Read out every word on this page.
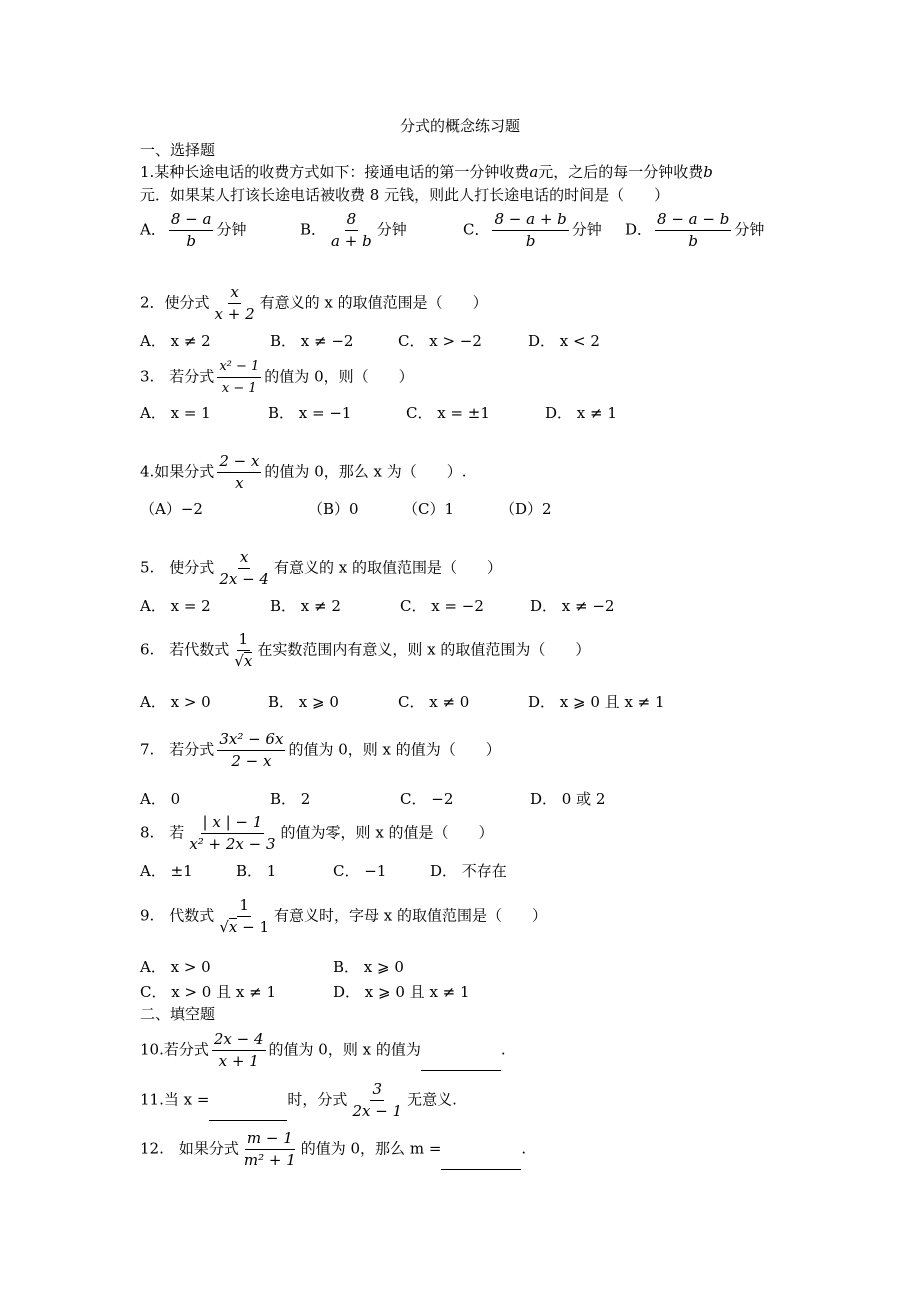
分式的概念练习题
一、选择题
1.某种长途电话的收费方式如下：接通电话的第一分钟收费a元，之后的每一分钟收费b
元．如果某人打该长途电话被收费 8 元钱，则此人打长途电话的时间是（　　）
A． $\frac{8 - a}{b}$ 分钟	B． $\frac{8}{a + b}$ 分钟	C． $\frac{8 - a + b}{b}$ 分钟 D． $\frac{8 - a - b}{b}$ 分钟
2．使分式 $\frac{x}{x + 2}$ 有意义的 x 的取值范围是（　　）
A． x ≠ 2	B． x ≠ −2	C． x > −2	D． x < 2
3.　若分式 $\frac{\text{x² − 1}}{x - 1}$ 的值为 0，则（　　）
A． x = 1	B． x = −1	C． x = ±1	D． x ≠ 1
4.如果分式 $\frac{2 - x}{x}$ 的值为 0，那么 x 为（　　）.
（A）−2	（B）0	（C）1	（D）2
5.　使分式 $\frac{x}{2x - 4}$ 有意义的 x 的取值范围是（　　）
A． x = 2	B． x ≠ 2	C． x = −2	D． x ≠ −2
6.　若代数式 $\frac{1}{√x}$ 在实数范围内有意义，则 x 的取值范围为（　　）
A． x > 0	B． x ⩾ 0	C． x ≠ 0	D． x ⩾ 0 且 x ≠ 1
7.　若分式 $\frac{\text{3x² − 6x}}{2 - x}$ 的值为 0，则 x 的值为（　　）
A． 0	B． 2	C． −2	D． 0 或 2
8.　若 $\frac{| x | - 1}{\text{x² + 2x − 3}}$ 的值为零，则 x 的值是（　　）
A． ±1	B． 1	C． −1	D． 不存在
9.　代数式 $\frac{1}{√x - 1}$ 有意义时，字母 x 的取值范围是（　　）
A． x > 0	B． x ⩾ 0
C． x > 0 且 x ≠ 1	D． x ⩾ 0 且 x ≠ 1
二、填空题
10.若分式 $\frac{2x - 4}{x + 1}$ 的值为 0，则 x 的值为	.
11.当 x =	时，分式 $\frac{3}{2x - 1}$ 无意义.
12.　如果分式 $\frac{m - 1}{\text{m² + 1}}$ 的值为 0，那么 m =	.
